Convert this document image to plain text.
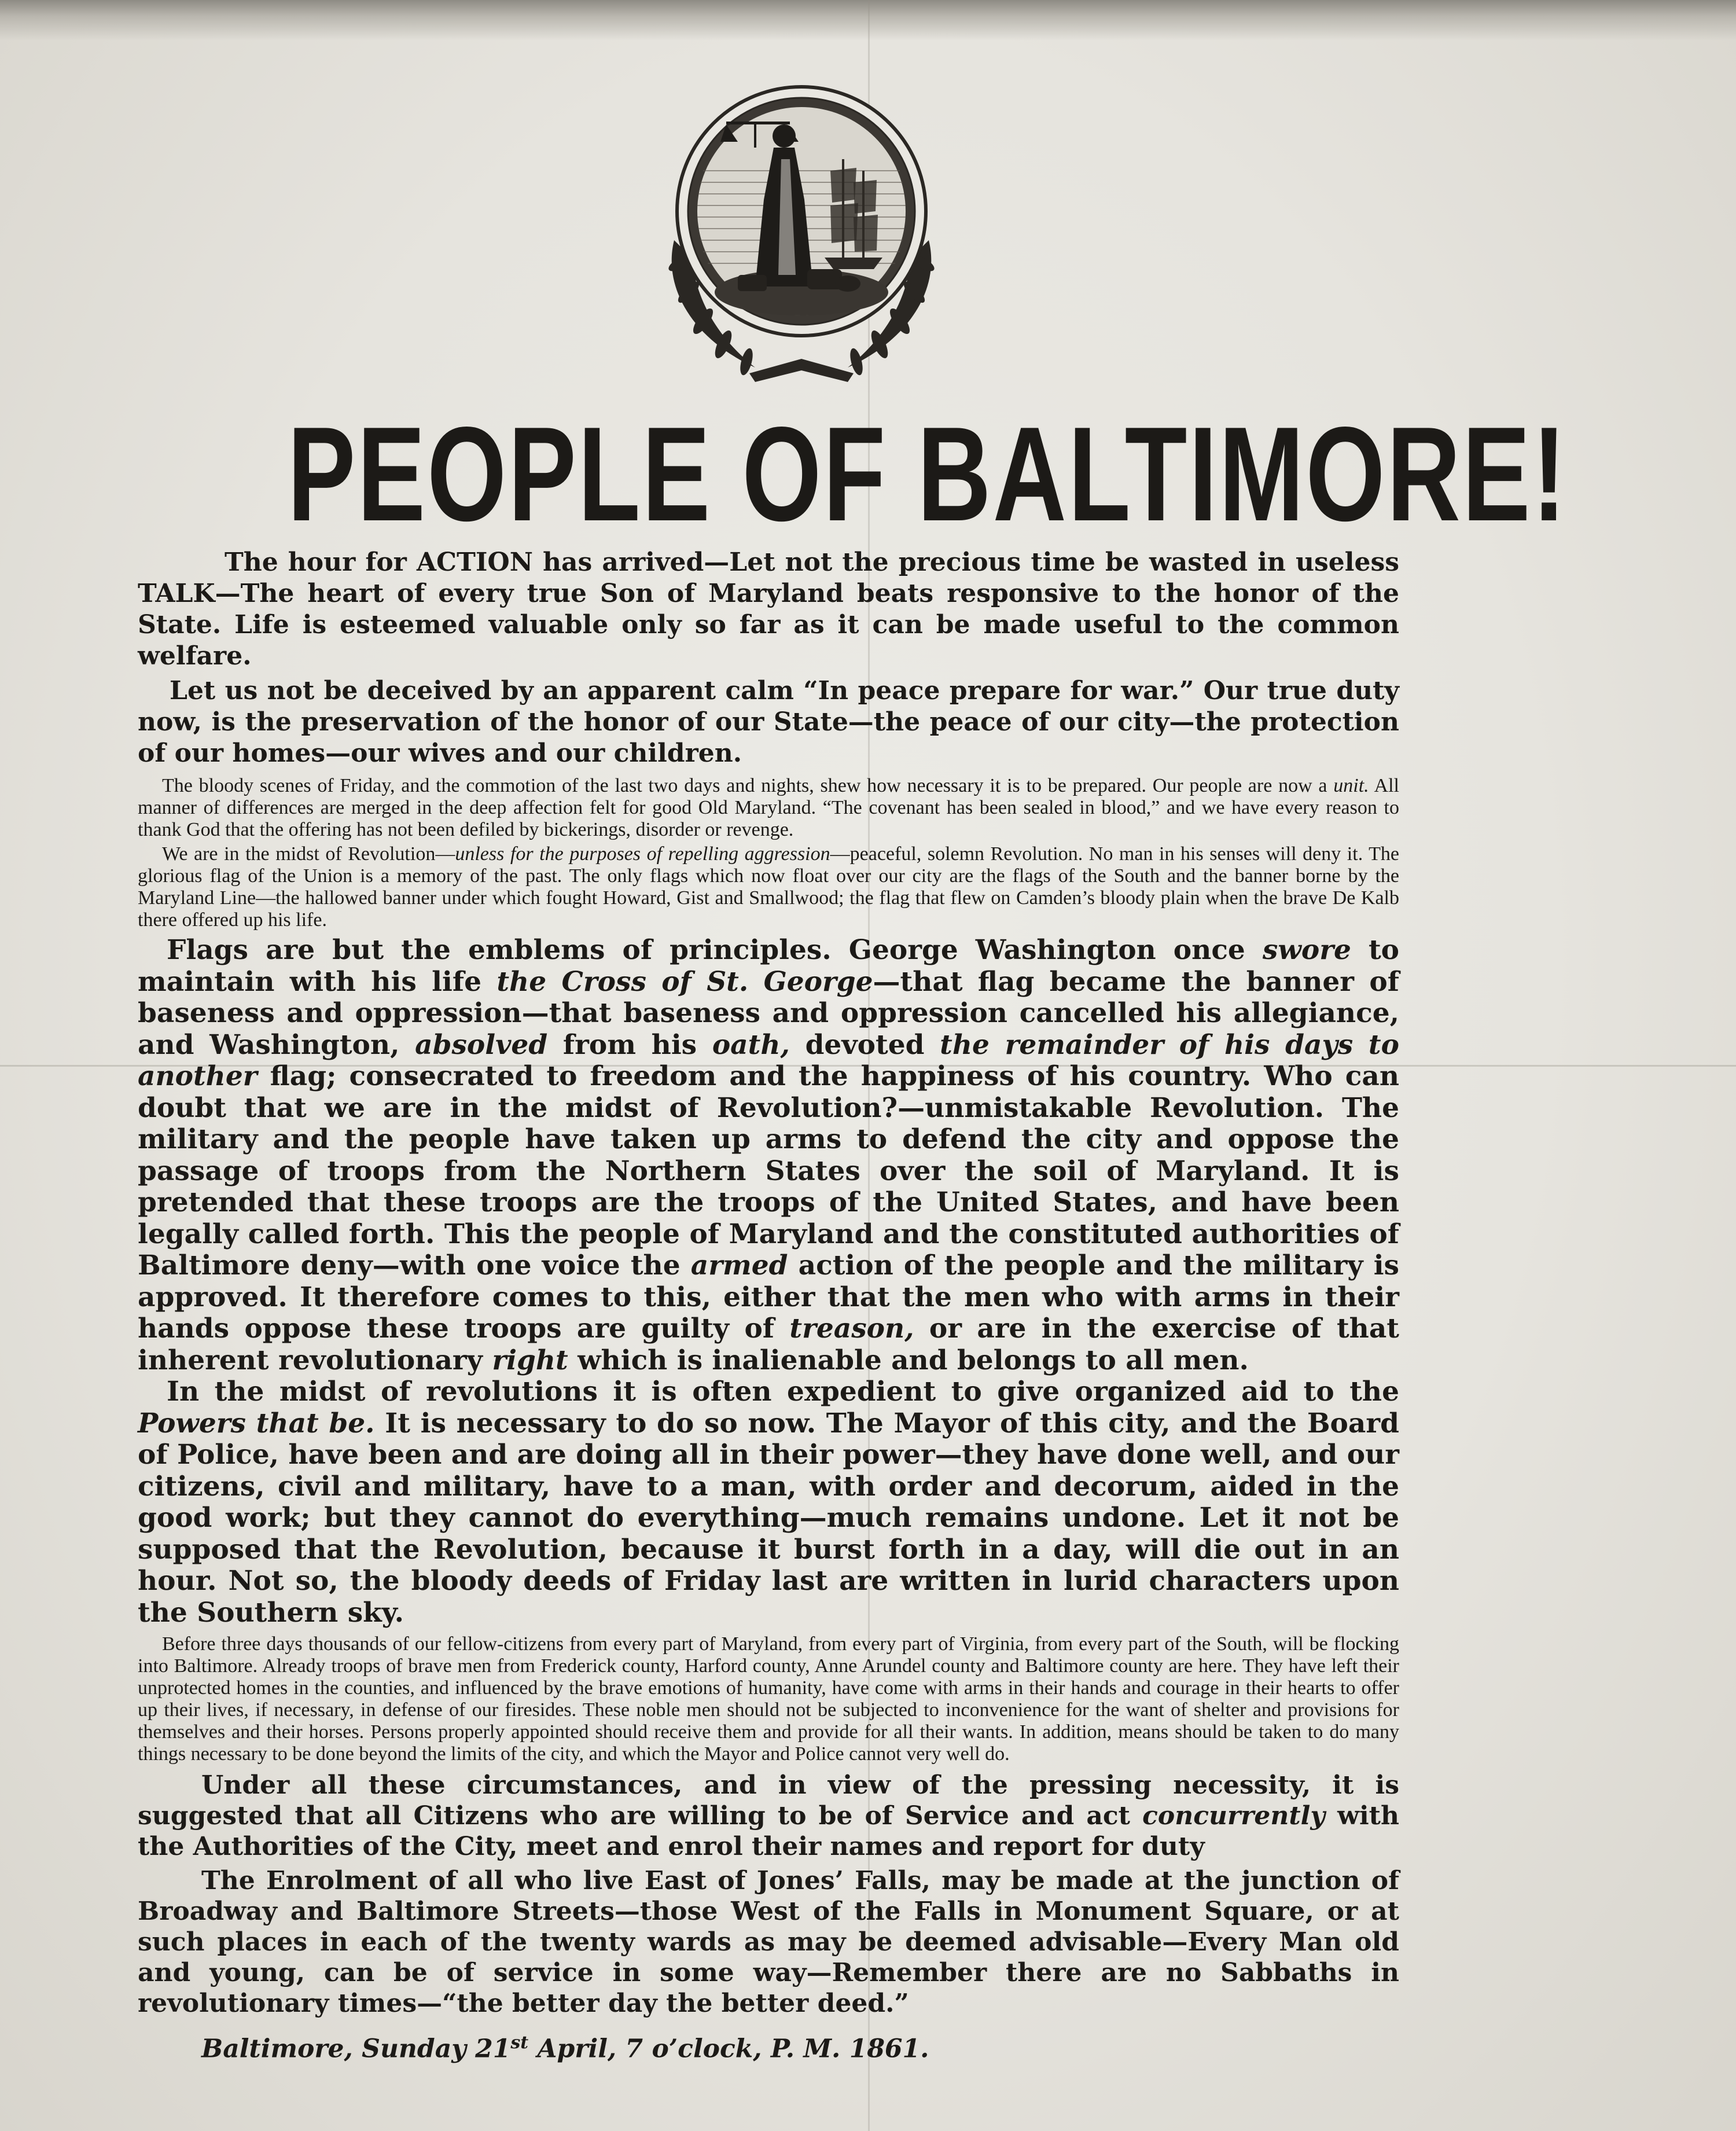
PEOPLE OF BALTIMORE!

The hour for ACTION has arrived—Let not the precious time be wasted in useless TALK—The heart of every true Son of Maryland beats responsive to the honor of the State. Life is esteemed valuable only so far as it can be made useful to the common welfare.

Let us not be deceived by an apparent calm “In peace prepare for war.” Our true duty now, is the preservation of the honor of our State—the peace of our city—the protection of our homes—our wives and our children.

The bloody scenes of Friday, and the commotion of the last two days and nights, shew how necessary it is to be prepared. Our people are now a unit. All manner of differences are merged in the deep affection felt for good Old Maryland. “The covenant has been sealed in blood,” and we have every reason to thank God that the offering has not been defiled by bickerings, disorder or revenge.

We are in the midst of Revolution—unless for the purposes of repelling aggression—peaceful, solemn Revolution. No man in his senses will deny it. The glorious flag of the Union is a memory of the past. The only flags which now float over our city are the flags of the South and the banner borne by the Maryland Line—the hallowed banner under which fought Howard, Gist and Smallwood; the flag that flew on Camden’s bloody plain when the brave De Kalb there offered up his life.

Flags are but the emblems of principles. George Washington once swore to maintain with his life the Cross of St. George—that flag became the banner of baseness and oppression—that baseness and oppression cancelled his allegiance, and Washington, absolved from his oath, devoted the remainder of his days to another flag; consecrated to freedom and the happiness of his country. Who can doubt that we are in the midst of Revolution?—unmistakable Revolution. The military and the people have taken up arms to defend the city and oppose the passage of troops from the Northern States over the soil of Maryland. It is pretended that these troops are the troops of the United States, and have been legally called forth. This the people of Maryland and the constituted authorities of Baltimore deny—with one voice the armed action of the people and the military is approved. It therefore comes to this, either that the men who with arms in their hands oppose these troops are guilty of treason, or are in the exercise of that inherent revolutionary right which is inalienable and belongs to all men.

In the midst of revolutions it is often expedient to give organized aid to the Powers that be. It is necessary to do so now. The Mayor of this city, and the Board of Police, have been and are doing all in their power—they have done well, and our citizens, civil and military, have to a man, with order and decorum, aided in the good work; but they cannot do everything—much remains undone. Let it not be supposed that the Revolution, because it burst forth in a day, will die out in an hour. Not so, the bloody deeds of Friday last are written in lurid characters upon the Southern sky.

Before three days thousands of our fellow-citizens from every part of Maryland, from every part of Virginia, from every part of the South, will be flocking into Baltimore. Already troops of brave men from Frederick county, Harford county, Anne Arundel county and Baltimore county are here. They have left their unprotected homes in the counties, and influenced by the brave emotions of humanity, have come with arms in their hands and courage in their hearts to offer up their lives, if necessary, in defense of our firesides. These noble men should not be subjected to inconvenience for the want of shelter and provisions for themselves and their horses. Persons properly appointed should receive them and provide for all their wants. In addition, means should be taken to do many things necessary to be done beyond the limits of the city, and which the Mayor and Police cannot very well do.

Under all these circumstances, and in view of the pressing necessity, it is suggested that all Citizens who are willing to be of Service and act concurrently with the Authorities of the City, meet and enrol their names and report for duty

The Enrolment of all who live East of Jones’ Falls, may be made at the junction of Broadway and Baltimore Streets—those West of the Falls in Monument Square, or at such places in each of the twenty wards as may be deemed advisable—Every Man old and young, can be of service in some way—Remember there are no Sabbaths in revolutionary times—“the better day the better deed.”

Baltimore, Sunday 21st April, 7 o’clock, P. M. 1861.
